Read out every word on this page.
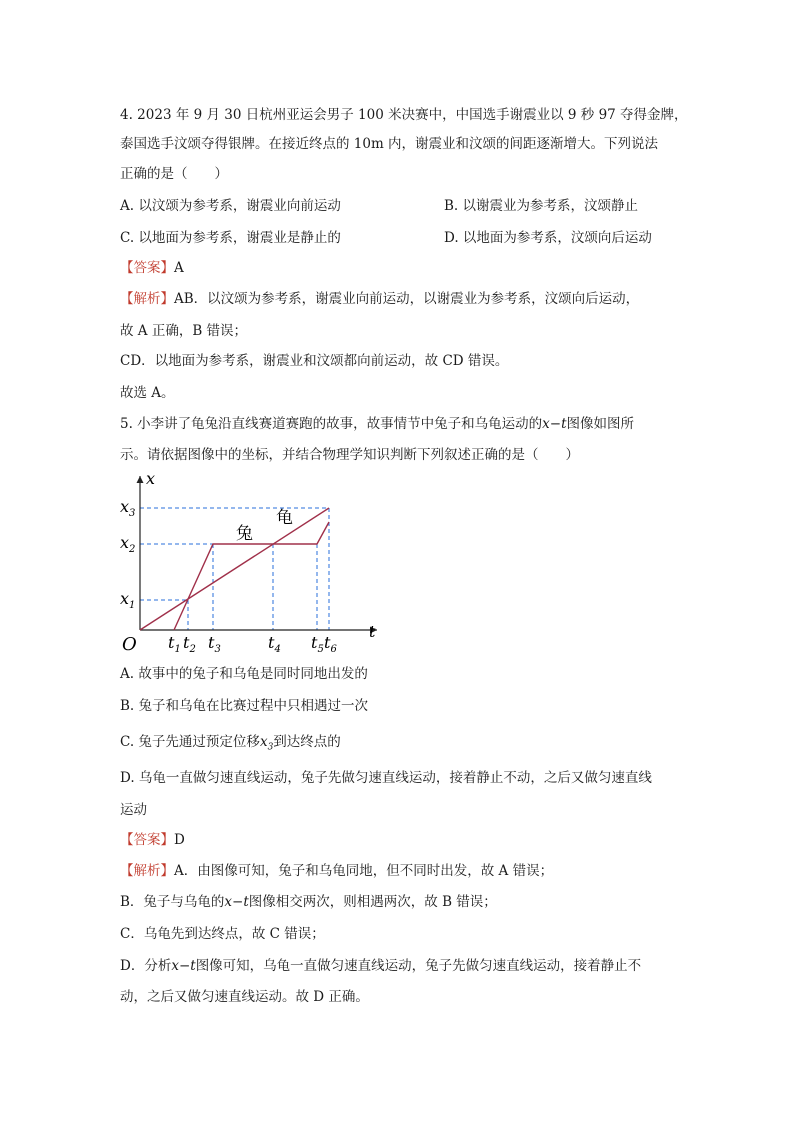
4. 2023 年 9 月 30 日杭州亚运会男子 100 米决赛中，中国选手谢震业以 9 秒 97 夺得金牌，
泰国选手汶颂夺得银牌。在接近终点的 10m 内，谢震业和汶颂的间距逐渐增大。下列说法
正确的是（　　）
A. 以汶颂为参考系，谢震业向前运动	B. 以谢震业为参考系，汶颂静止
C. 以地面为参考系，谢震业是静止的	D. 以地面为参考系，汶颂向后运动
【答案】A
【解析】AB．以汶颂为参考系，谢震业向前运动，以谢震业为参考系，汶颂向后运动，
故 A 正确，B 错误；
CD．以地面为参考系，谢震业和汶颂都向前运动，故 CD 错误。
故选 A。
5. 小李讲了龟兔沿直线赛道赛跑的故事，故事情节中兔子和乌龟运动的x−t图像如图所
示。请依据图像中的坐标，并结合物理学知识判断下列叙述正确的是（　　）
x
t
O
兔
龟
$x_3$
$x_2$
$x_1$
$t_1$ $t_2$ $t_3$	$t_4$ $t_5$ $t_6$
A. 故事中的兔子和乌龟是同时同地出发的
B. 兔子和乌龟在比赛过程中只相遇过一次
C. 兔子先通过预定位移$x_3$到达终点的
D. 乌龟一直做匀速直线运动，兔子先做匀速直线运动，接着静止不动，之后又做匀速直线
运动
【答案】D
【解析】A．由图像可知，兔子和乌龟同地，但不同时出发，故 A 错误；
B．兔子与乌龟的x−t图像相交两次，则相遇两次，故 B 错误；
C．乌龟先到达终点，故 C 错误；
D．分析x−t图像可知，乌龟一直做匀速直线运动，兔子先做匀速直线运动，接着静止不
动，之后又做匀速直线运动。故 D 正确。
